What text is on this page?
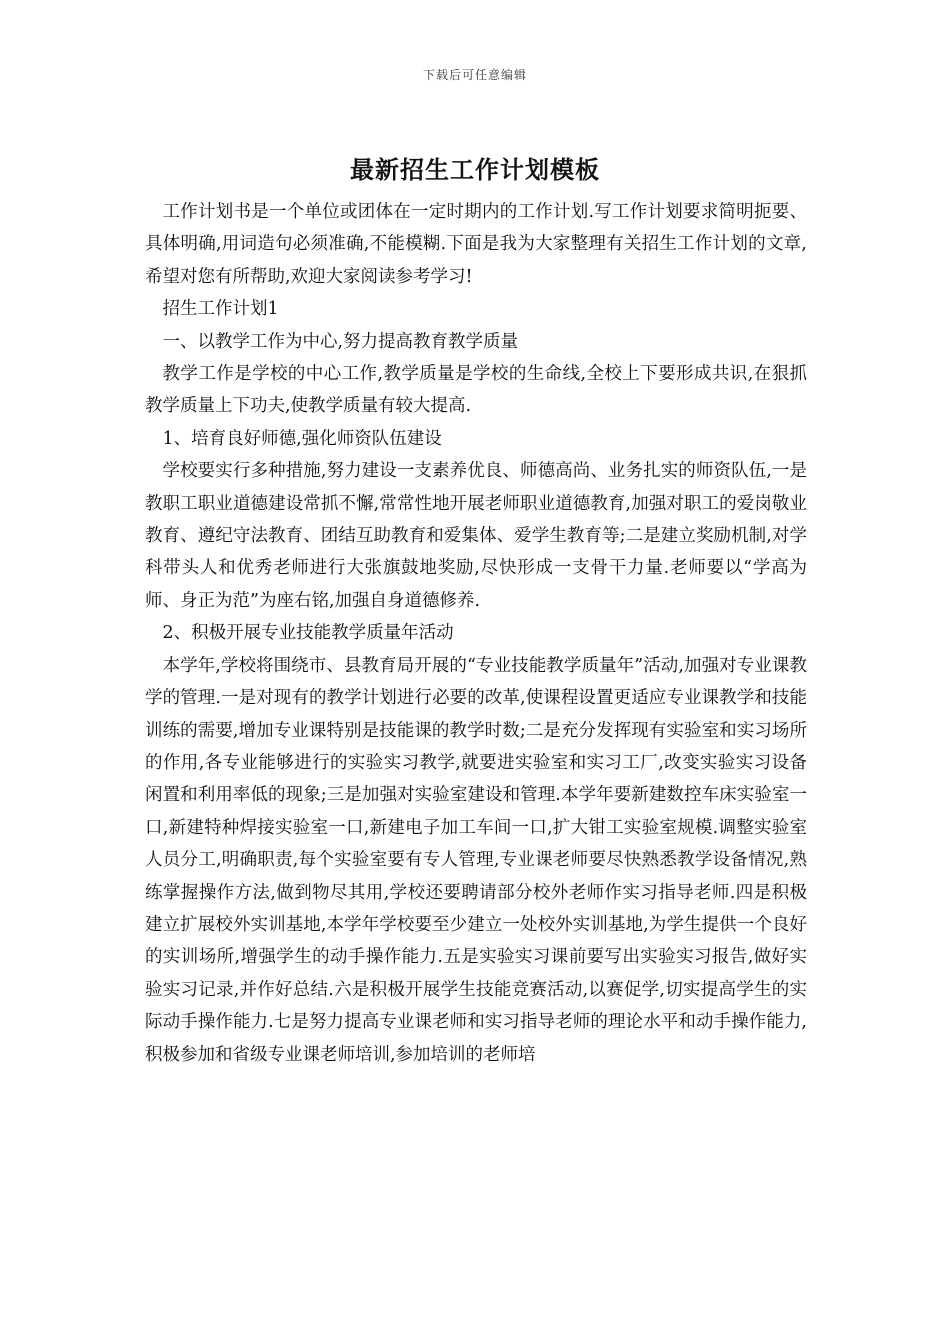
下载后可任意编辑
最新招生工作计划模板

工作计划书是一个单位或团体在一定时期内的工作计划.写工作计划要求简明扼要、具体明确,用词造句必须准确,不能模糊.下面是我为大家整理有关招生工作计划的文章,希望对您有所帮助,欢迎大家阅读参考学习!

招生工作计划1

一、以教学工作为中心,努力提高教育教学质量

教学工作是学校的中心工作,教学质量是学校的生命线,全校上下要形成共识,在狠抓教学质量上下功夫,使教学质量有较大提高.

1、培育良好师德,强化师资队伍建设

学校要实行多种措施,努力建设一支素养优良、师德高尚、业务扎实的师资队伍,一是教职工职业道德建设常抓不懈,常常性地开展老师职业道德教育,加强对职工的爱岗敬业教育、遵纪守法教育、团结互助教育和爱集体、爱学生教育等;二是建立奖励机制,对学科带头人和优秀老师进行大张旗鼓地奖励,尽快形成一支骨干力量.老师要以“学高为师、身正为范”为座右铭,加强自身道德修养.

2、积极开展专业技能教学质量年活动

本学年,学校将围绕市、县教育局开展的“专业技能教学质量年”活动,加强对专业课教学的管理.一是对现有的教学计划进行必要的改革,使课程设置更适应专业课教学和技能训练的需要,增加专业课特别是技能课的教学时数;二是充分发挥现有实验室和实习场所的作用,各专业能够进行的实验实习教学,就要进实验室和实习工厂,改变实验实习设备闲置和利用率低的现象;三是加强对实验室建设和管理.本学年要新建数控车床实验室一口,新建特种焊接实验室一口,新建电子加工车间一口,扩大钳工实验室规模.调整实验室人员分工,明确职责,每个实验室要有专人管理,专业课老师要尽快熟悉教学设备情况,熟练掌握操作方法,做到物尽其用,学校还要聘请部分校外老师作实习指导老师.四是积极建立扩展校外实训基地,本学年学校要至少建立一处校外实训基地,为学生提供一个良好的实训场所,增强学生的动手操作能力.五是实验实习课前要写出实验实习报告,做好实验实习记录,并作好总结.六是积极开展学生技能竞赛活动,以赛促学,切实提高学生的实际动手操作能力.七是努力提高专业课老师和实习指导老师的理论水平和动手操作能力,积极参加和省级专业课老师培训,参加培训的老师培
